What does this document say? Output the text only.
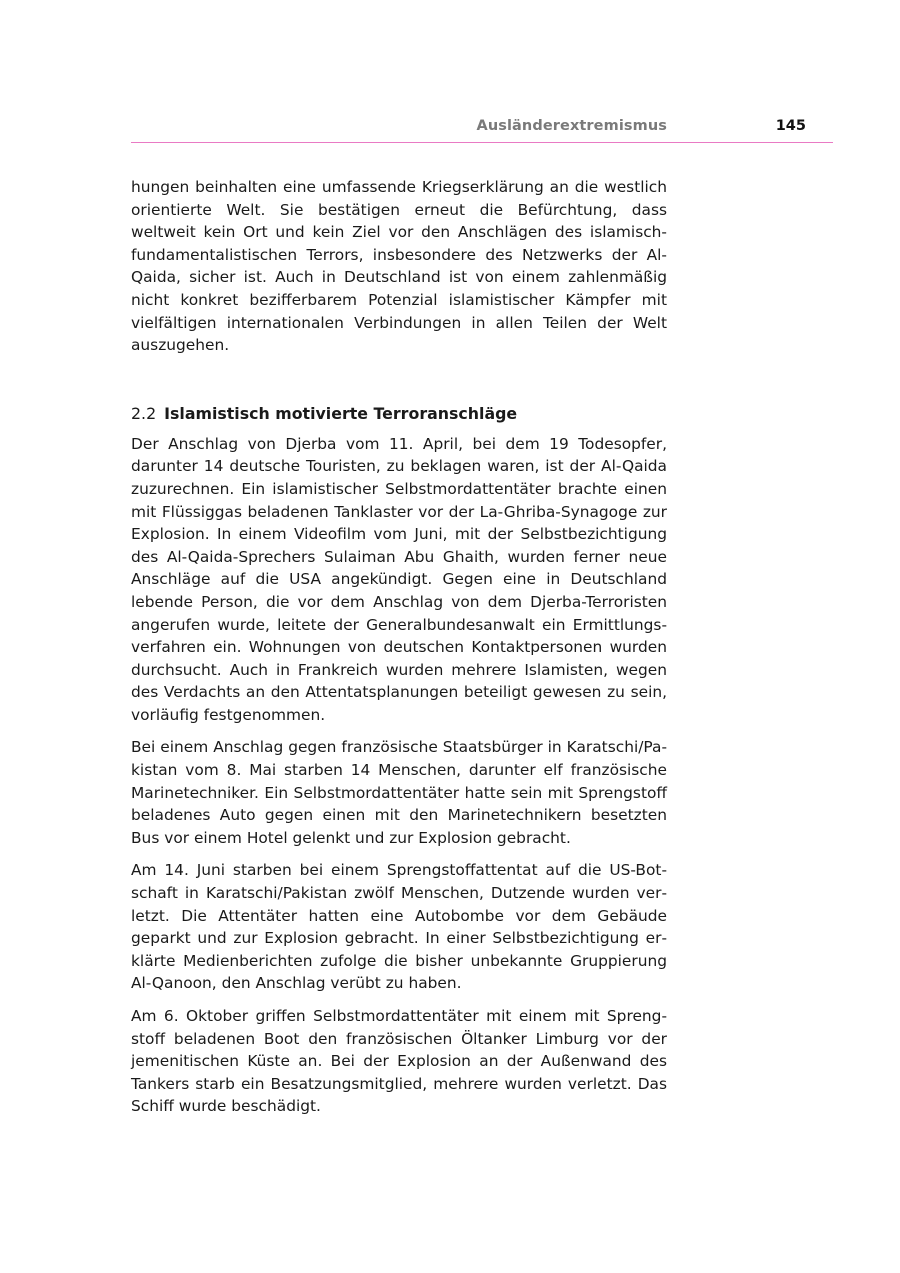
Ausländerextremismus	145

hungen beinhalten eine umfassende Kriegserklärung an die westlich orientierte Welt. Sie bestätigen erneut die Befürchtung, dass weltweit kein Ort und kein Ziel vor den Anschlägen des islamisch-fundamentalistischen Terrors, insbesondere des Netzwerks der Al-Qaida, sicher ist. Auch in Deutschland ist von einem zahlenmäßig nicht konkret bezifferbarem Potenzial islamistischer Kämpfer mit vielfältigen internationalen Verbindungen in allen Teilen der Welt auszugehen.

2.2 Islamistisch motivierte Terroranschläge

Der Anschlag von Djerba vom 11. April, bei dem 19 Todesopfer, darunter 14 deutsche Touristen, zu beklagen waren, ist der Al-Qaida zuzurechnen. Ein islamistischer Selbstmordattentäter brachte einen mit Flüssiggas beladenen Tanklaster vor der La-Ghriba-Synagoge zur Explosion. In einem Videofilm vom Juni, mit der Selbstbezichtigung des Al-Qaida-Sprechers Sulaiman Abu Ghaith, wurden ferner neue Anschläge auf die USA angekündigt. Gegen eine in Deutschland lebende Person, die vor dem Anschlag von dem Djerba-Terroristen angerufen wurde, leitete der Generalbundesanwalt ein Ermittlungsverfahren ein. Wohnungen von deutschen Kontaktpersonen wurden durchsucht. Auch in Frankreich wurden mehrere Islamisten, wegen des Verdachts an den Attentatsplanungen beteiligt gewesen zu sein, vorläufig festgenommen.

Bei einem Anschlag gegen französische Staatsbürger in Karatschi/Pakistan vom 8. Mai starben 14 Menschen, darunter elf französische Marinetechniker. Ein Selbstmordattentäter hatte sein mit Sprengstoff beladenes Auto gegen einen mit den Marinetechnikern besetzten Bus vor einem Hotel gelenkt und zur Explosion gebracht.

Am 14. Juni starben bei einem Sprengstoffattentat auf die US-Botschaft in Karatschi/Pakistan zwölf Menschen, Dutzende wurden verletzt. Die Attentäter hatten eine Autobombe vor dem Gebäude geparkt und zur Explosion gebracht. In einer Selbstbezichtigung erklärte Medienberichten zufolge die bisher unbekannte Gruppierung Al-Qanoon, den Anschlag verübt zu haben.

Am 6. Oktober griffen Selbstmordattentäter mit einem mit Sprengstoff beladenen Boot den französischen Öltanker Limburg vor der jemenitischen Küste an. Bei der Explosion an der Außenwand des Tankers starb ein Besatzungsmitglied, mehrere wurden verletzt. Das Schiff wurde beschädigt.
